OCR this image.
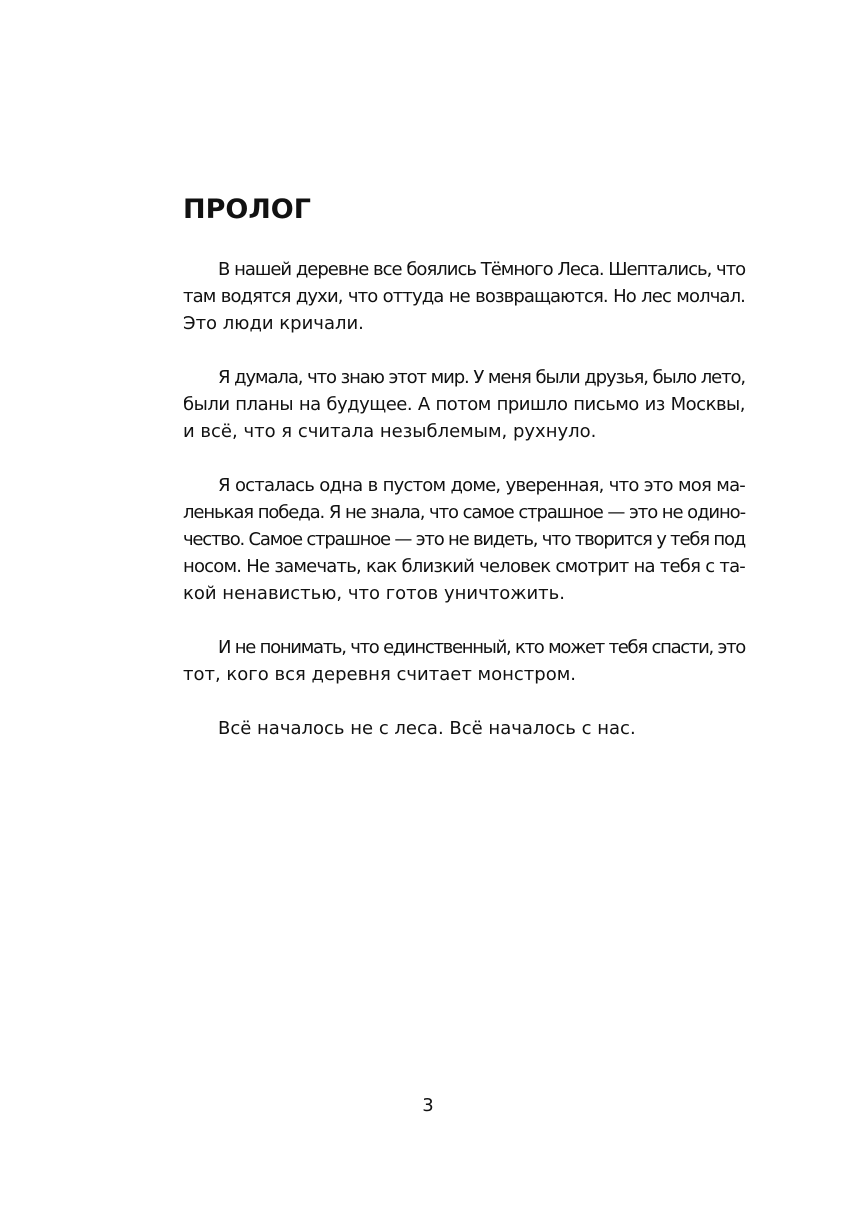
ПРОЛОГ

В нашей деревне все боялись Тёмного Леса. Шептались, что
там водятся духи, что оттуда не возвращаются. Но лес молчал.
Это люди кричали.

Я думала, что знаю этот мир. У меня были друзья, было лето,
были планы на будущее. А потом пришло письмо из Москвы,
и всё, что я считала незыблемым, рухнуло.

Я осталась одна в пустом доме, уверенная, что это моя ма-
ленькая победа. Я не знала, что самое страшное — это не одино-
чество. Самое страшное — это не видеть, что творится у тебя под
носом. Не замечать, как близкий человек смотрит на тебя с та-
кой ненавистью, что готов уничтожить.

И не понимать, что единственный, кто может тебя спасти, это
тот, кого вся деревня считает монстром.

Всё началось не с леса. Всё началось с нас.

3
